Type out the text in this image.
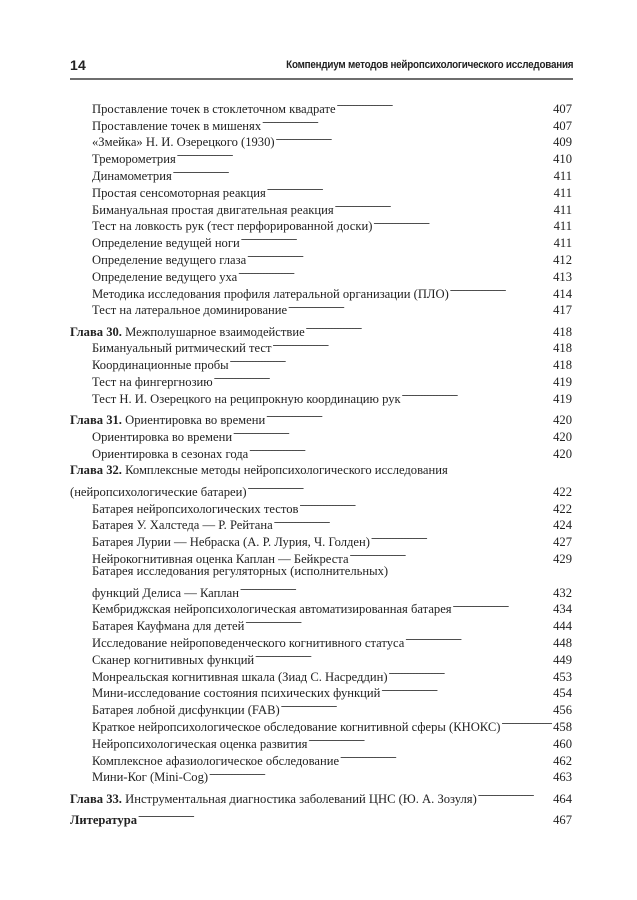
14	Компендиум методов нейропсихологического исследования
Проставление точек в стоклеточном квадрате . . .	407
Проставление точек в мишенях . . .	407
«Змейка» Н. И. Озерецкого (1930) . . .	409
Треморометрия . . .	410
Динамометрия . . .	411
Простая сенсомоторная реакция . . .	411
Бимануальная простая двигательная реакция . . .	411
Тест на ловкость рук (тест перфорированной доски) . . .	411
Определение ведущей ноги . . .	411
Определение ведущего глаза . . .	412
Определение ведущего уха . . .	413
Методика исследования профиля латеральной организации (ПЛО) . . .	414
Тест на латеральное доминирование . . .	417
Глава 30. Межполушарное взаимодействие . . .	418
Бимануальный ритмический тест . . .	418
Координационные пробы . . .	418
Тест на фингергнозию . . .	419
Тест Н. И. Озерецкого на реципрокную координацию рук . . .	419
Глава 31. Ориентировка во времени . . .	420
Ориентировка во времени . . .	420
Ориентировка в сезонах года . . .	420
Глава 32. Комплексные методы нейропсихологического исследования
(нейропсихологические батареи) . . .	422
Батарея нейропсихологических тестов . . .	422
Батарея У. Халстеда — Р. Рейтана . . .	424
Батарея Лурии — Небраска (А. Р. Лурия, Ч. Голден) . . .	427
Нейрокогнитивная оценка Каплан — Бейкреста . . .	429
Батарея исследования регуляторных (исполнительных)
функций Делиса — Каплан . . .	432
Кембриджская нейропсихологическая автоматизированная батарея . . .	434
Батарея Кауфмана для детей . . .	444
Исследование нейроповеденческого когнитивного статуса . . .	448
Сканер когнитивных функций . . .	449
Монреальская когнитивная шкала (Зиад С. Насреддин) . . .	453
Мини-исследование состояния психических функций . . .	454
Батарея лобной дисфункции (FAB) . . .	456
Краткое нейропсихологическое обследование когнитивной сферы (КНОКС) . . .	458
Нейропсихологическая оценка развития . . .	460
Комплексное афазиологическое обследование . . .	462
Мини-Ког (Mini-Cog) . . .	463
Глава 33. Инструментальная диагностика заболеваний ЦНС (Ю. А. Зозуля) . . .	464
Литература . . .	467
